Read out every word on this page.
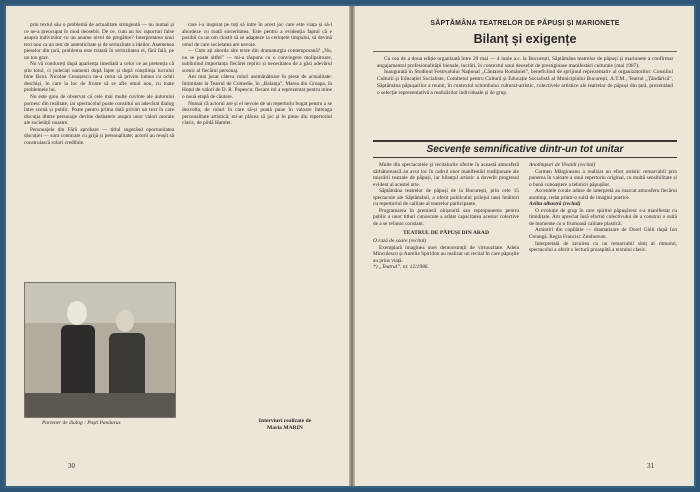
prin textul său o problemă de actualitate stringentă — nu numai și ce ne-a preocupat în mod deosebit. De ce, cum au loc raporturi false asupra indivizilor cu un anume nivel de pregătire? Interpretarea unui text nou ca un test de autenticitate și de seriozitate a ideilor. Asemenea pieselor din țară, problema este tratată în seriozitatea ei, fără fală, pe un ton grav.

Nu vă conduceți după apariența imediată a celor ce au pretenția că știu totul, ci judecați oamenii după fapte și după conștiința lucrului bine făcut. Nicolae Ceaușescu ne-a cerut să privim lumea cu ochii deschiși, în care la loc de frunte să se afle omul nou, cu toate problemele lui.

Nu este greu de observat că cele mai multe cuvinte ale autorului pornesc din realitate, iar spectacolul poate constitui un adevărat dialog între scenă și public. Poate pentru prima dată privim un text în care discuția dintre personaje devine dezbatere asupra unor valori morale ale societății noastre.

Personajele din Fără aprobare — titlul sugerând oportunitatea discuției — sunt conturate cu grijă și personalitate; actorii au reușit să construiască roluri credibile.

Partener de dialog : Paști Pandarus

care i-a inspirat pe toți să intre în acest joc care este viața și să-l abordeze cu toată sinceritatea. Este pentru a evidenția faptul că e posibil ca un om cinstit să se adapteze la cerințele timpului, să devină omul de care societatea are nevoie.

— Cum ați aborda alte texte din dramaturgia contemporană? „Nu, nu se poate altfel” — mi-a răspuns cu o convingere molipsitoare, subliniind importanța fiecărei replici și necesitatea de a găsi adevărul scenic al fiecărui personaj.

Am mai jucat câteva roluri asemănătoare în piese de actualitate: Intimitate la Teatrul de Comedie, în „Balanța”, Marea din Groapa, în Hoțul de valori de D. R. Popescu; fiecare rol a reprezentat pentru mine o nouă etapă de căutare.

Numai că actorul are și el nevoie de un repertoriu bogat pentru a se dezvolta, de roluri în care să-și poată pune în valoare întreaga personalitate artistică; mi-ar plăcea să joc și în piese din repertoriul clasic, de pildă Hamlet.

Interviuri realizate de
Maria MARIN
30
SĂPTĂMÂNA TEATRELOR DE PĂPUȘI ȘI MARIONETE
Bilanț și exigențe

Cu cea de a doua ediție organizată între 29 mai — 4 iunie a.c. la București, Săptămâna teatrelor de păpuși și marionete a confirmat angajamentul profesionalității bienale, lucrări, în contextul unui deosebit de prestigioase manifestări culturale (mai 1987).

Inaugurată în Studioul Festivalului Național „Cântarea României”, beneficiind de sprijinul reprezentativ al organizatorilor: Consiliul Culturii și Educației Socialiste, Comitetul pentru Cultură și Educație Socialistă al Municipiului București, A.T.M., Teatrul „Țăndărică”, Săptămâna păpușarilor a reunit, în contextul schimbului cultural-artistic, colectivele artistice ale teatrelor de păpuși din țară, prezentând o selecție reprezentativă a realizărilor individuale și de grup.

Secvențe semnificative dintr-un tot unitar

Multe din spectacolele și recitalurile oferite în această atmosferă sărbătorească au avut loc în cadrul unor manifestări tradiționale ale mișcării teatrale de păpuși, iar bilanțul artistic a dovedit progresul evident al acestei arte.

Săptămâna teatrelor de păpuși de la București, prin cele 15 spectacole ale Săptămânii, a oferit publicului prilejul unei întâlniri cu repertoriul de calitate al teatrelor participante.

Programarea în premieră obișnuită sau repropunerea pentru public a unor titluri cunoscute a arătat capacitatea acestor colective de a se reînnoi constant.

TEATRUL DE PĂPUȘI DIN ARAD

O rază de soare (recital)

Exemplară imaginea unei demonstrații de virtuozitate. Adela Minculescu și Aurelia Spiridon au realizat un recital în care păpușile au prins viață.

*) „Teatrul”, nr. 12/1986.

Anotimpuri de Vivaldi (recital)

Carmen Mărgineanu a realizat un efort artistic remarcabil prin punerea în valoare a unui repertoriu original, cu multă sensibilitate și o bună cunoaștere a tehnicii păpușilor.

Accentele corale aduse de interpretă au marcat atmosfera fiecărui anotimp, redat printr-o suită de imagini poetice.

Aelita albastră (recital)

O evoluție de grup în care spiritul păpușăresc s-a manifestat cu timiditate. Am apreciat însă efortul colectivului de a construi o suită de momente cu o frumoasă calitate plastică.

Amintiri din copilărie — dramatizare de Dorel Ghili după Ion Creangă. Regia Francisc Zimborean.

Interpretată de arcuirea cu un remarcabil simț al ritmului, spectacolul a oferit o lectură proaspătă a textului clasic.

31
